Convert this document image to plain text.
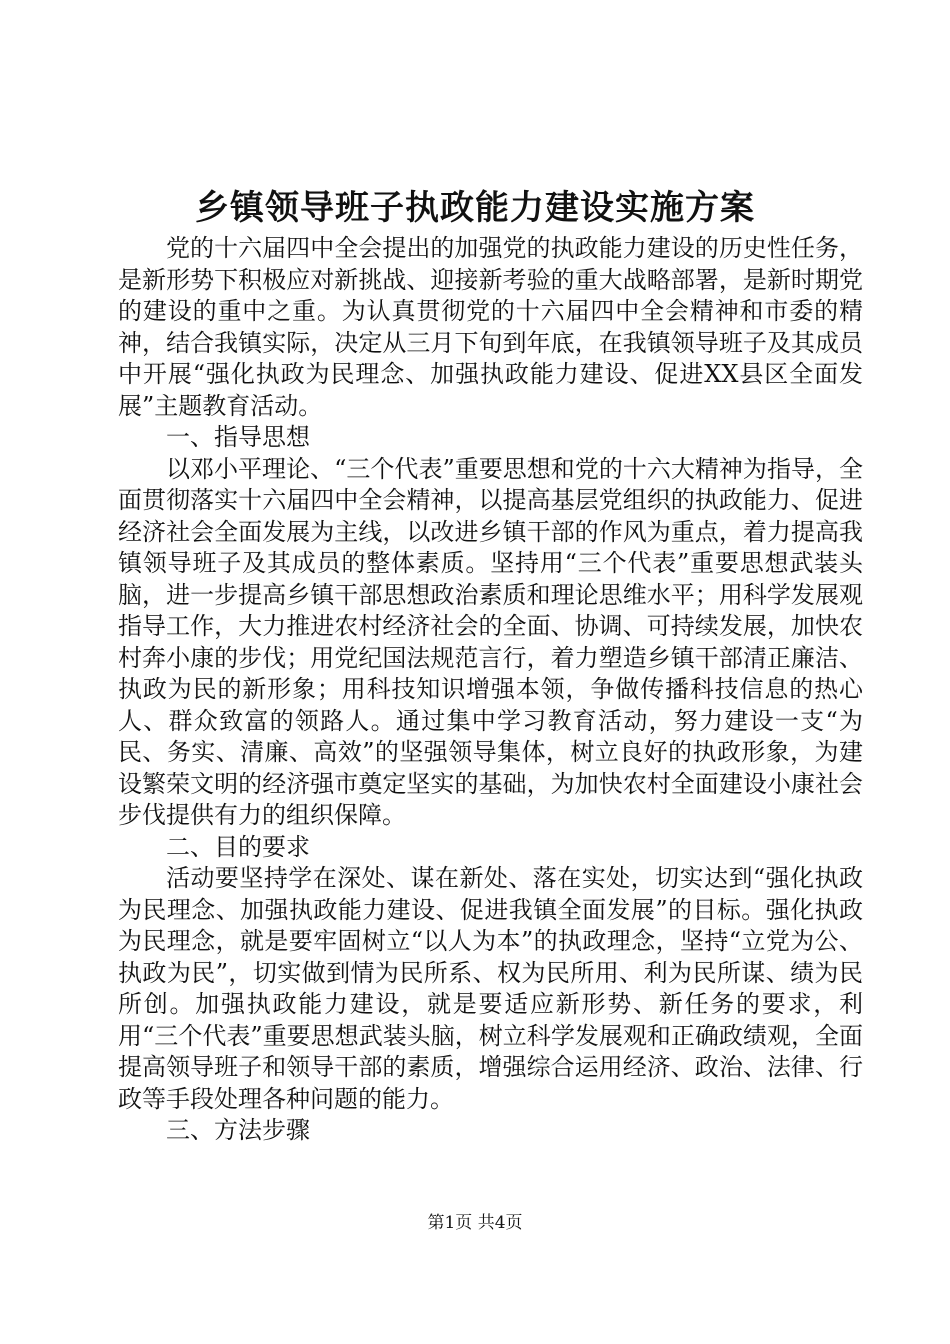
乡镇领导班子执政能力建设实施方案

党的十六届四中全会提出的加强党的执政能力建设的历史性任务，是新形势下积极应对新挑战、迎接新考验的重大战略部署，是新时期党的建设的重中之重。为认真贯彻党的十六届四中全会精神和市委的精神，结合我镇实际，决定从三月下旬到年底，在我镇领导班子及其成员中开展“强化执政为民理念、加强执政能力建设、促进XX县区全面发展”主题教育活动。

一、指导思想

以邓小平理论、“三个代表”重要思想和党的十六大精神为指导，全面贯彻落实十六届四中全会精神，以提高基层党组织的执政能力、促进经济社会全面发展为主线，以改进乡镇干部的作风为重点，着力提高我镇领导班子及其成员的整体素质。坚持用“三个代表”重要思想武装头脑，进一步提高乡镇干部思想政治素质和理论思维水平；用科学发展观指导工作，大力推进农村经济社会的全面、协调、可持续发展，加快农村奔小康的步伐；用党纪国法规范言行，着力塑造乡镇干部清正廉洁、执政为民的新形象；用科技知识增强本领，争做传播科技信息的热心人、群众致富的领路人。通过集中学习教育活动，努力建设一支“为民、务实、清廉、高效”的坚强领导集体，树立良好的执政形象，为建设繁荣文明的经济强市奠定坚实的基础，为加快农村全面建设小康社会步伐提供有力的组织保障。

二、目的要求

活动要坚持学在深处、谋在新处、落在实处，切实达到“强化执政为民理念、加强执政能力建设、促进我镇全面发展”的目标。强化执政为民理念，就是要牢固树立“以人为本”的执政理念，坚持“立党为公、执政为民”，切实做到情为民所系、权为民所用、利为民所谋、绩为民所创。加强执政能力建设，就是要适应新形势、新任务的要求，利用“三个代表”重要思想武装头脑，树立科学发展观和正确政绩观，全面提高领导班子和领导干部的素质，增强综合运用经济、政治、法律、行政等手段处理各种问题的能力。

三、方法步骤

第1页 共4页
